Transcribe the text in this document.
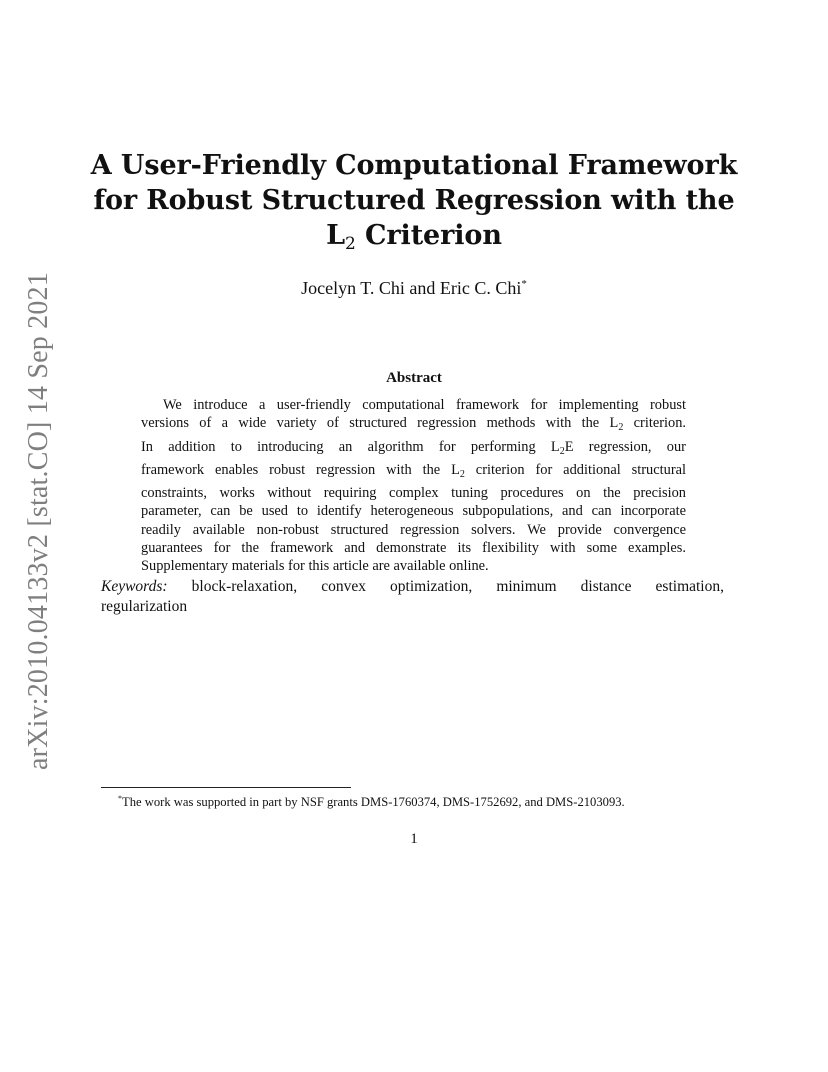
arXiv:2010.04133v2 [stat.CO] 14 Sep 2021
A User-Friendly Computational Framework
for Robust Structured Regression with the
$L_2$ Criterion
Jocelyn T. Chi and Eric C. Chi*
Abstract
We introduce a user-friendly computational framework for implementing robust
versions of a wide variety of structured regression methods with the $L_2$ criterion.
In addition to introducing an algorithm for performing $L_2E$ regression, our
framework enables robust regression with the $L_2$ criterion for additional structural
constraints, works without requiring complex tuning procedures on the precision
parameter, can be used to identify heterogeneous subpopulations, and can incorporate
readily available non-robust structured regression solvers. We provide convergence
guarantees for the framework and demonstrate its flexibility with some examples.
Supplementary materials for this article are available online.
Keywords: block-relaxation, convex optimization, minimum distance estimation,
regularization
*The work was supported in part by NSF grants DMS-1760374, DMS-1752692, and DMS-2103093.
1
